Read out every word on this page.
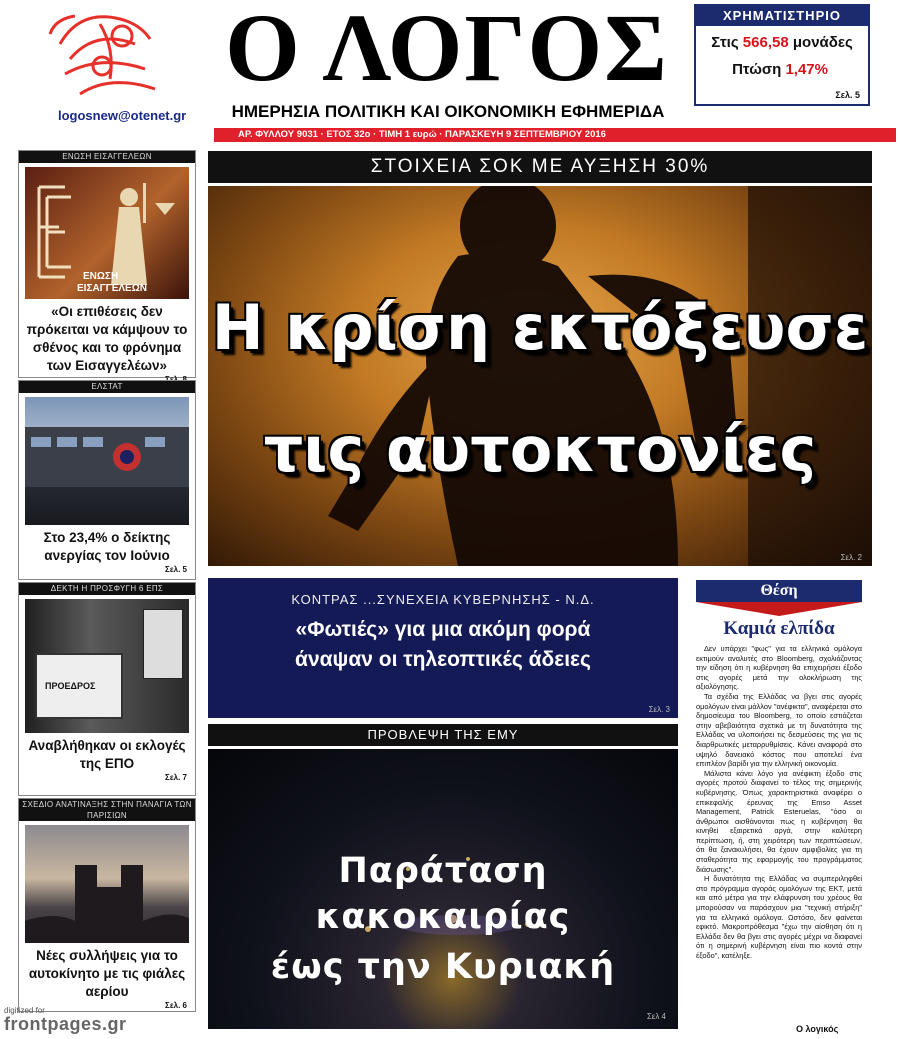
logosnew@otenet.gr
Ο ΛΟΓΟΣ
ΗΜΕΡΗΣΙΑ ΠΟΛΙΤΙΚΗ ΚΑΙ ΟΙΚΟΝΟΜΙΚΗ ΕΦΗΜΕΡΙΔΑ
ΑΡ. ΦΥΛΛΟΥ 9031 · ΕΤΟΣ 32ο · ΤΙΜΗ 1 ευρώ · ΠΑΡΑΣΚΕΥΗ 9 ΣΕΠΤΕΜΒΡΙΟΥ 2016
ΧΡΗΜΑΤΙΣΤΗΡΙΟ
Στις 566,58 μονάδες
Πτώση 1,47%
Σελ. 5
ΕΝΩΣΗ ΕΙΣΑΓΓΕΛΕΩΝ
ΕΝΩΣΗ
ΕΙΣΑΓΓΕΛΕΩΝ
«Οι επιθέσεις δεν πρόκειται να κάμψουν το σθένος και το φρόνημα των Εισαγγελέων»
ΕΛΣΤΑΤ
Στο 23,4% ο δείκτης ανεργίας τον Ιούνιο
Σελ. 5
ΔΕΚΤΗ Η ΠΡΟΣΦΥΓΗ 6 ΕΠΣ
ΠΡΟΕΔΡΟΣ
Αναβλήθηκαν οι εκλογές της ΕΠΟ
Σελ. 7
ΣΧΕΔΙΟ ΑΝΑΤΙΝΑΞΗΣ ΣΤΗΝ ΠΑΝΑΓΙΑ ΤΩΝ ΠΑΡΙΣΙΩΝ
Νέες συλλήψεις για το αυτοκίνητο με τις φιάλες αερίου
Σελ. 6
ΣΤΟΙΧΕΙΑ ΣΟΚ ΜΕ ΑΥΞΗΣΗ 30%
Η κρίση εκτόξευσε
τις αυτοκτονίες
Σελ. 2
ΚΟΝΤΡΑΣ ...ΣΥΝΕΧΕΙΑ ΚΥΒΕΡΝΗΣΗΣ - Ν.Δ.
«Φωτιές» για μια ακόμη φορά
άναψαν οι τηλεοπτικές άδειες
Σελ. 3
ΠΡΟΒΛΕΨΗ ΤΗΣ ΕΜΥ
Παράταση
κακοκαιρίας
έως την Κυριακή
Σελ 4
Θέση
Καμιά ελπίδα

Δεν υπάρχει "φως" για τα ελληνικά ομόλογα εκτιμούν αναλυτές στο Bloomberg, σχολιάζοντας την είδηση ότι η κυβέρνηση θα επιχειρήσει έξοδο στις αγορές μετά την ολοκλήρωση της αξιολόγησης.

Τα σχέδια της Ελλάδας να βγει στις αγορές ομολόγων είναι μάλλον "ανέφικτα", αναφέρεται στο δημοσίευμα του Bloomberg, το οποίο εστιάζεται στην αβεβαιότητα σχετικά με τη δυνατότητα της Ελλάδας να υλοποιήσει τις δεσμεύσεις της για τις διαρθρωτικές μεταρρυθμίσεις. Κάνει αναφορά στο υψηλό δανειακό κόστος που αποτελεί ένα επιπλέον βαρίδι για την ελληνική οικονομία.

Μάλιστα κάνει λόγο για ανέφικτη έξοδο στις αγορές προτού διαφανεί το τέλος της σημερινής κυβέρνησης. Όπως χαρακτηριστικά αναφέρει ο επικεφαλής έρευνας της Emso Asset Management, Patrick Esteruelas, "όσο οι άνθρωποι αισθάνονται πως η κυβέρνηση θα κινηθεί εξαιρετικά αργά, στην καλύτερη περίπτωση, ή, στη χειρότερη των περιπτώσεων, ότι θα ξανακυλήσει, θα έχουν αμφιβολίες για τη σταθερότητα της εφαρμογής του προγράμματος διάσωσης".

Η δυνατότητα της Ελλάδας να συμπεριληφθεί στο πρόγραμμα αγοράς ομολόγων της ΕΚΤ, μετά και από μέτρα για την ελάφρυνση του χρέους θα μπορούσαν να παράσχουν μια "τεχνική στήριξη" για τα ελληνικά ομόλογα. Ωστόσο, δεν φαίνεται εφικτό. Μακροπρόθεσμα "έχω την αίσθηση ότι η Ελλάδα δεν θα βγει στις αγορές μέχρι να διαφανεί ότι η σημερινή κυβέρνηση είναι πιο κοντά στην έξοδο", κατέληξε.

Ο λογικός
digitized for
frontpages.gr
